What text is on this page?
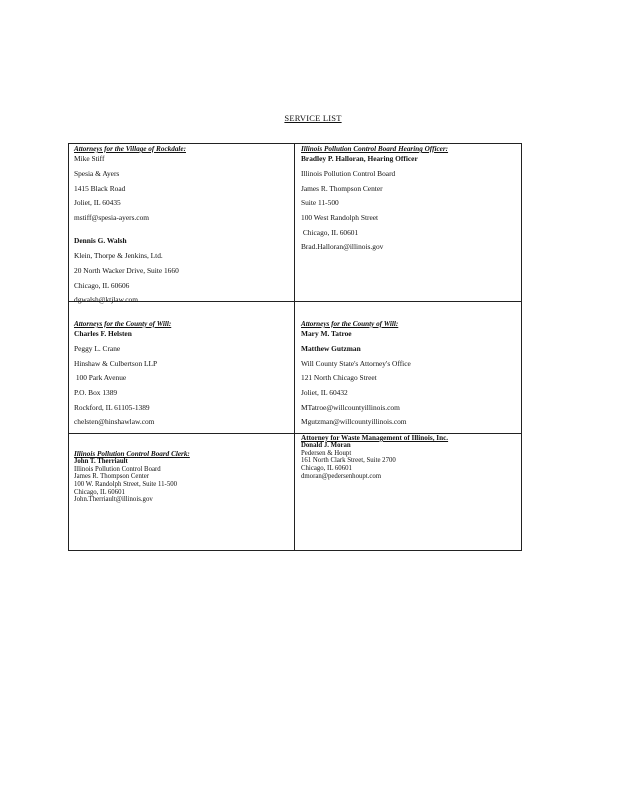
SERVICE LIST
Attorneys for the Village of Rockdale:
Mike Stiff
Spesia & Ayers
1415 Black Road
Joliet, IL 60435
mstiff@spesia-ayers.com
Dennis G. Walsh
Klein, Thorpe & Jenkins, Ltd.
20 North Wacker Drive, Suite 1660
Chicago, IL 60606
dgwalsh@ktjlaw.com
Illinois Pollution Control Board Hearing Officer:
Bradley P. Halloran, Hearing Officer
Illinois Pollution Control Board
James R. Thompson Center
Suite 11-500
100 West Randolph Street
Chicago, IL 60601
Brad.Halloran@illinois.gov
Attorneys for the County of Will:
Charles F. Helsten
Peggy L. Crane
Hinshaw & Culbertson LLP
100 Park Avenue
P.O. Box 1389
Rockford, IL 61105-1389
chelsten@hinshawlaw.com
Attorneys for the County of Will:
Mary M. Tatroe
Matthew Gutzman
Will County State's Attorney's Office
121 North Chicago Street
Joliet, IL 60432
MTatroe@willcountyillinois.com
Mgutzman@willcountyillinois.com
Illinois Pollution Control Board Clerk:
John T. Therriault
Illinois Pollution Control Board
James R. Thompson Center
100 W. Randolph Street, Suite 11-500
Chicago, IL 60601
John.Therriault@illinois.gov
Attorney for Waste Management of Illinois, Inc.
Donald J. Moran
Pedersen & Houpt
161 North Clark Street, Suite 2700
Chicago, IL 60601
dmoran@pedersenhoupt.com
